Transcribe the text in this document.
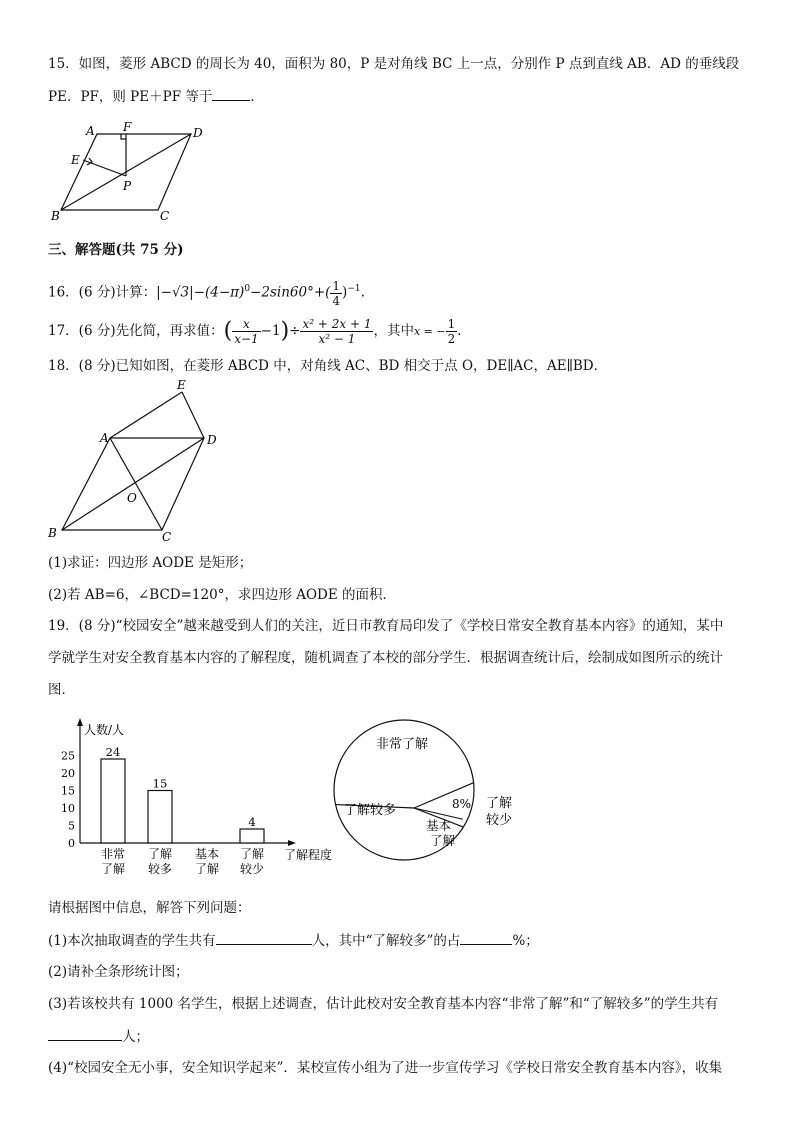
15．如图，菱形 ABCD 的周长为 40，面积为 80，P 是对角线 BC 上一点，分别作 P 点到直线 AB．AD 的垂线段
PE．PF，则 PE＋PF 等于	．
A F	D
E
P
B	C
三、解答题(共 75 分)
16．(6 分)计算：$|-√3|-(4-\pi)^0-2\sin 60^\circ+( \frac{1}{4} )^{-1}$.
17．(6 分)先化简，再求值：( $\frac{x}{x-1} -1)\div \frac{\text{x² + 2x + 1}}{\text{x² − 1}}$ ，其中x = − $\frac{1}{2}$ ．
18．(8 分)已知如图，在菱形 ABCD 中，对角线 AC、BD 相交于点 O，DE∥AC，AE∥BD．
E
A	D
O
B	C
(1)求证：四边形 AODE 是矩形；
(2)若 AB=6，∠BCD=120°，求四边形 AODE 的面积．
19．(8 分)“校园安全”越来越受到人们的关注，近日市教育局印发了《学校日常安全教育基本内容》的通知，某中
学就学生对安全教育基本内容的了解程度，随机调查了本校的部分学生．根据调查统计后，绘制成如图所示的统计
图．
人数/人
了解程度
0
5
10
15
20
25	24
非常
了解
15
了解
较多
基本
了解
4
了解
较少
非常了解
了解较多
基本
了解
8% 了解
较少
请根据图中信息，解答下列问题：
(1)本次抽取调查的学生共有	人，其中“了解较多”的占	%；
(2)请补全条形统计图；
(3)若该校共有 1000 名学生，根据上述调查，估计此校对安全教育基本内容“非常了解”和“了解较多”的学生共有
人；
(4)“校园安全无小事，安全知识学起来”．某校宣传小组为了进一步宣传学习《学校日常安全教育基本内容》，收集
